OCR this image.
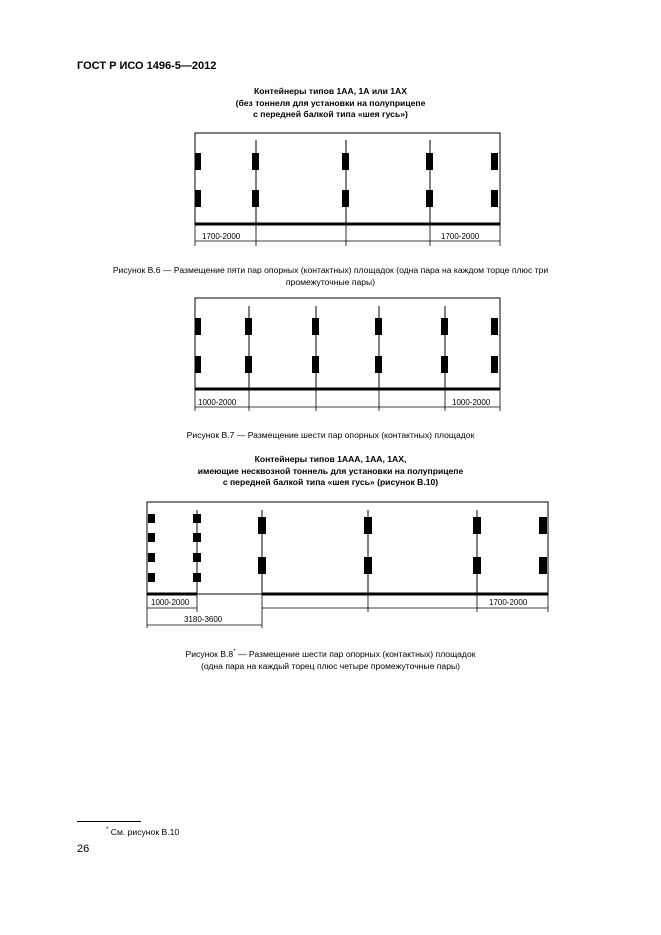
ГОСТ Р ИСО 1496-5—2012
Контейнеры типов 1АА, 1А или 1АХ
(без тоннеля для установки на полуприцепе
с передней балкой типа «шея гусь»)
1700-2000	1700-2000
Рисунок В.6 — Размещение пяти пар опорных (контактных) площадок (одна пара на каждом торце плюс три
промежуточные пары)
1000-2000	1000-2000
Рисунок В.7 — Размещение шести пар опорных (контактных) площадок
Контейнеры типов 1ААА, 1АА, 1АХ,
имеющие несквозной тоннель для установки на полуприцепе
с передней балкой типа «шея гусь» (рисунок В.10)
1000-2000	1700-2000
3180-3600
Рисунок В.8* — Размещение шести пар опорных (контактных) площадок
(одна пара на каждый торец плюс четыре промежуточные пары)
* См. рисунок В.10
26
